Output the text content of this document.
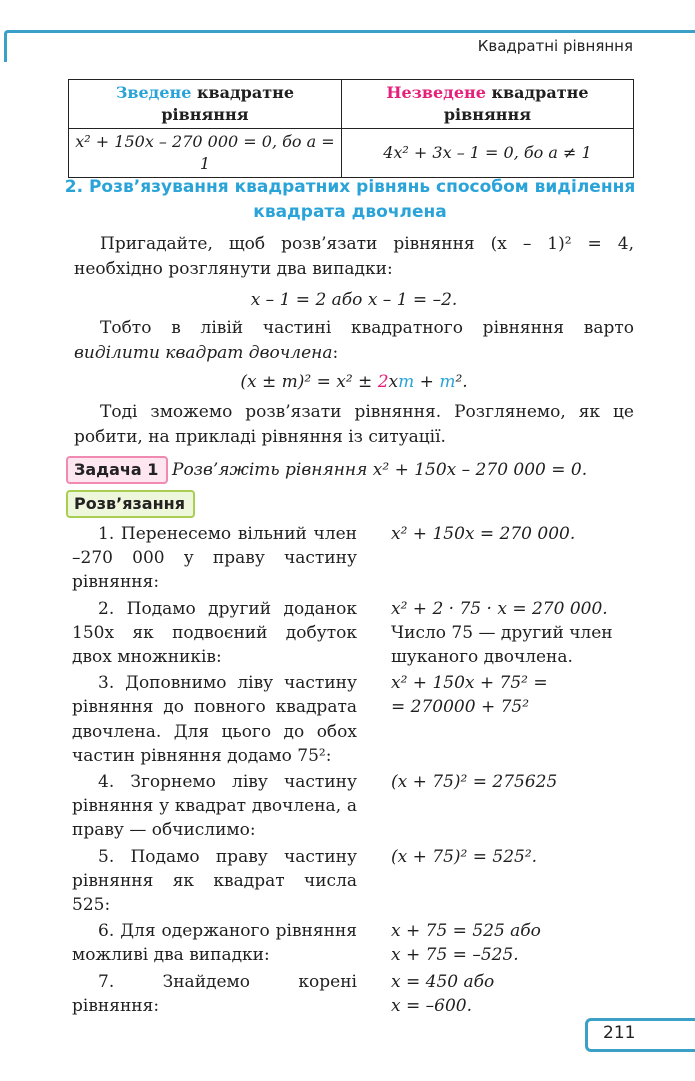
Квадратні рівняння
Зведене квадратне рівняння	Незведене квадратне рівняння
x² + 150x – 270 000 = 0, бо a = 1	4x² + 3x – 1 = 0, бо a ≠ 1
2. Розв’язування квадратних рівнянь способом виділення квадрата двочлена

Пригадайте, щоб розв’язати рівняння (x – 1)² = 4, необхідно розглянути два випадки:

x – 1 = 2 або x – 1 = –2.

Тобто в лівій частині квадратного рівняння варто виділити квадрат двочлена:

(x ± m)² = x² ± 2xm + m².

Тоді зможемо розв’язати рівняння. Розглянемо, як це робити, на прикладі рівняння із ситуації.

Задача 1 Розв’яжіть рівняння x² + 150x – 270 000 = 0.
Розв’язання
1. Перенесемо вільний член –270 000 у праву частину рівняння:	x² + 150x = 270 000.

2. Подамо другий доданок 150x як подвоєний добуток двох множників:	x² + 2 · 75 · x = 270 000.
Число 75 — другий член
шуканого двочлена.

3. Доповнимо ліву частину рівняння до повного квадрата двочлена. Для цього до обох частин рівняння додамо 75²:	x² + 150x + 75² =
= 270000 + 75²

4. Згорнемо ліву частину рівняння у квадрат двочлена, а праву — обчислимо:	(x + 75)² = 275625

5. Подамо праву частину рівняння як квадрат числа 525:	(x + 75)² = 525².

6. Для одержаного рівняння можливі два випадки:	x + 75 = 525 або
x + 75 = –525.

7. Знайдемо корені рівняння:	x = 450 або
x = –600.
211
